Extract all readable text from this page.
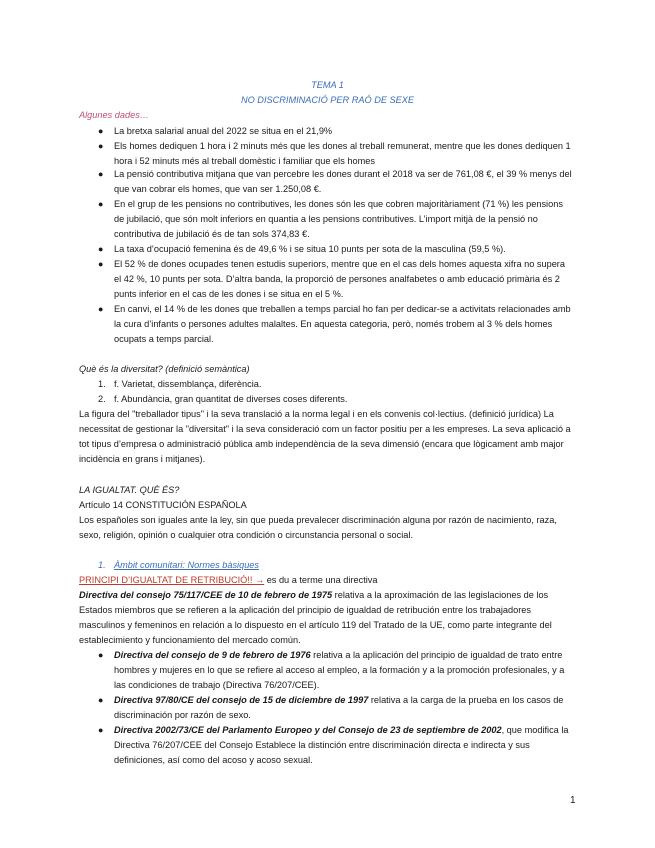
TEMA 1
NO DISCRIMINACIÓ PER RAÓ DE SEXE
Algunes dades…
● La bretxa salarial anual del 2022 se situa en el 21,9%
● Els homes dediquen 1 hora i 2 minuts més que les dones al treball remunerat, mentre que les dones dediquen 1 hora i 52 minuts més al treball domèstic i familiar que els homes
● La pensió contributiva mitjana que van percebre les dones durant el 2018 va ser de 761,08 €, el 39 % menys del que van cobrar els homes, que van ser 1.250,08 €.
● En el grup de les pensions no contributives, les dones són les que cobren majoritàriament (71 %) les pensions de jubilació, que són molt inferiors en quantia a les pensions contributives. L’import mitjà de la pensió no contributiva de jubilació és de tan sols 374,83 €.
● La taxa d’ocupació femenina és de 49,6 % i se situa 10 punts per sota de la masculina (59,5 %).
● El 52 % de dones ocupades tenen estudis superiors, mentre que en el cas dels homes aquesta xifra no supera el 42 %, 10 punts per sota. D’altra banda, la proporció de persones analfabetes o amb educació primària és 2 punts inferior en el cas de les dones i se situa en el 5 %.
● En canvi, el 14 % de les dones que treballen a temps parcial ho fan per dedicar-se a activitats relacionades amb la cura d’infants o persones adultes malaltes. En aquesta categoria, però, només trobem al 3 % dels homes ocupats a temps parcial.
Què és la diversitat? (definició semàntica)
1. f. Varietat, dissemblança, diferència.
2. f. Abundància, gran quantitat de diverses coses diferents.
La figura del "treballador tipus" i la seva translació a la norma legal i en els convenis col·lectius. (definició jurídica) La necessitat de gestionar la "diversitat" i la seva consideració com un factor positiu per a les empreses. La seva aplicació a tot tipus d’empresa o administració pública amb independència de la seva dimensió (encara que lògicament amb major incidència en grans i mitjanes).
LA IGUALTAT. QUÈ ÉS?
Artículo 14 CONSTITUCIÓN ESPAÑOLA
Los españoles son iguales ante la ley, sin que pueda prevalecer discriminación alguna por razón de nacimiento, raza, sexo, religión, opinión o cualquier otra condición o circunstancia personal o social.
1. Àmbit comunitari: Normes bàsiques
PRINCIPI D’IGUALTAT DE RETRIBUCIÓ!! → es du a terme una directiva
Directiva del consejo 75/117/CEE de 10 de febrero de 1975 relativa a la aproximación de las legislaciones de los Estados miembros que se refieren a la aplicación del principio de igualdad de retribución entre los trabajadores masculinos y femeninos en relación a lo dispuesto en el artículo 119 del Tratado de la UE, como parte integrante del establecimiento y funcionamiento del mercado común.
● Directiva del consejo de 9 de febrero de 1976 relativa a la aplicación del principio de igualdad de trato entre hombres y mujeres en lo que se refiere al acceso al empleo, a la formación y a la promoción profesionales, y a las condiciones de trabajo (Directiva 76/207/CEE).
● Directiva 97/80/CE del consejo de 15 de diciembre de 1997 relativa a la carga de la prueba en los casos de discriminación por razón de sexo.
● Directiva 2002/73/CE del Parlamento Europeo y del Consejo de 23 de septiembre de 2002, que modifica la Directiva 76/207/CEE del Consejo Establece la distinción entre discriminación directa e indirecta y sus definiciones, así como del acoso y acoso sexual.
1
